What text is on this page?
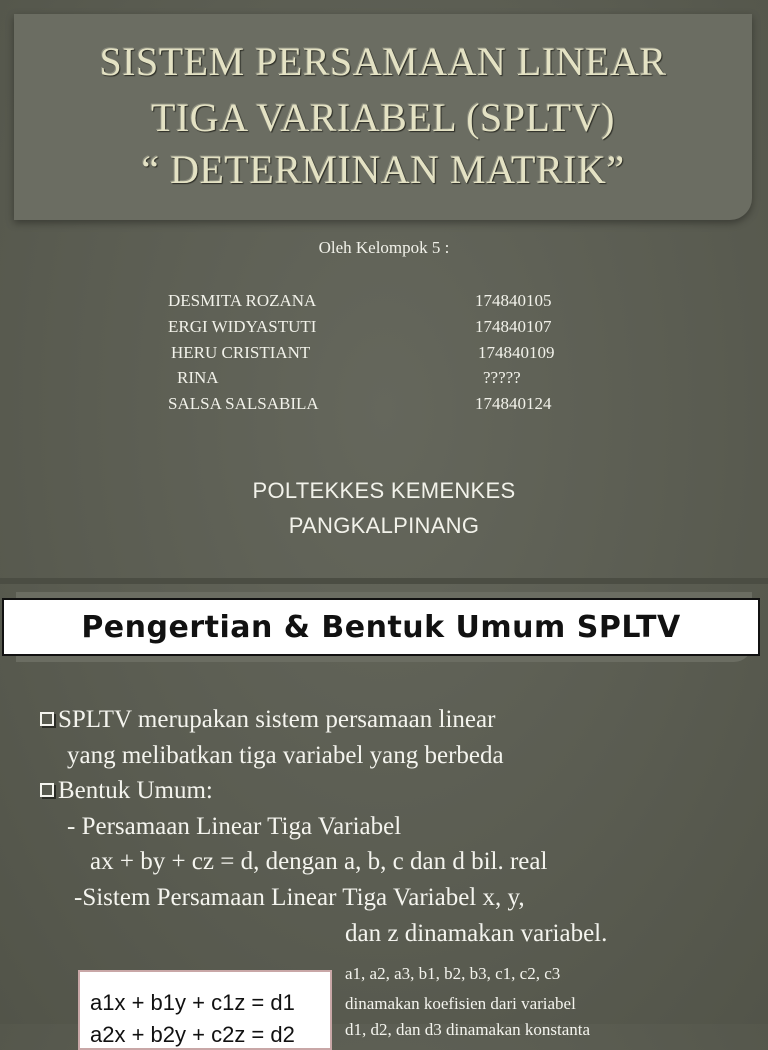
SISTEM PERSAMAAN LINEAR
TIGA VARIABEL (SPLTV)
“ DETERMINAN MATRIK”
Oleh Kelompok 5 :
DESMITA ROZANA	174840105
ERGI WIDYASTUTI	174840107
HERU CRISTIANT	174840109
RINA	?????
SALSA SALSABILA	174840124
POLTEKKES KEMENKES
PANGKALPINANG
Pengertian & Bentuk Umum SPLTV
SPLTV merupakan sistem persamaan linear
yang melibatkan tiga variabel yang berbeda
Bentuk Umum:
- Persamaan Linear Tiga Variabel
ax + by + cz = d, dengan a, b, c dan d bil. real
-Sistem Persamaan Linear Tiga Variabel x, y,
dan z dinamakan variabel.
a1x + b1y + c1z = d1
a2x + b2y + c2z = d2
a1, a2, a3, b1, b2, b3, c1, c2, c3
dinamakan koefisien dari variabel
d1, d2, dan d3 dinamakan konstanta
